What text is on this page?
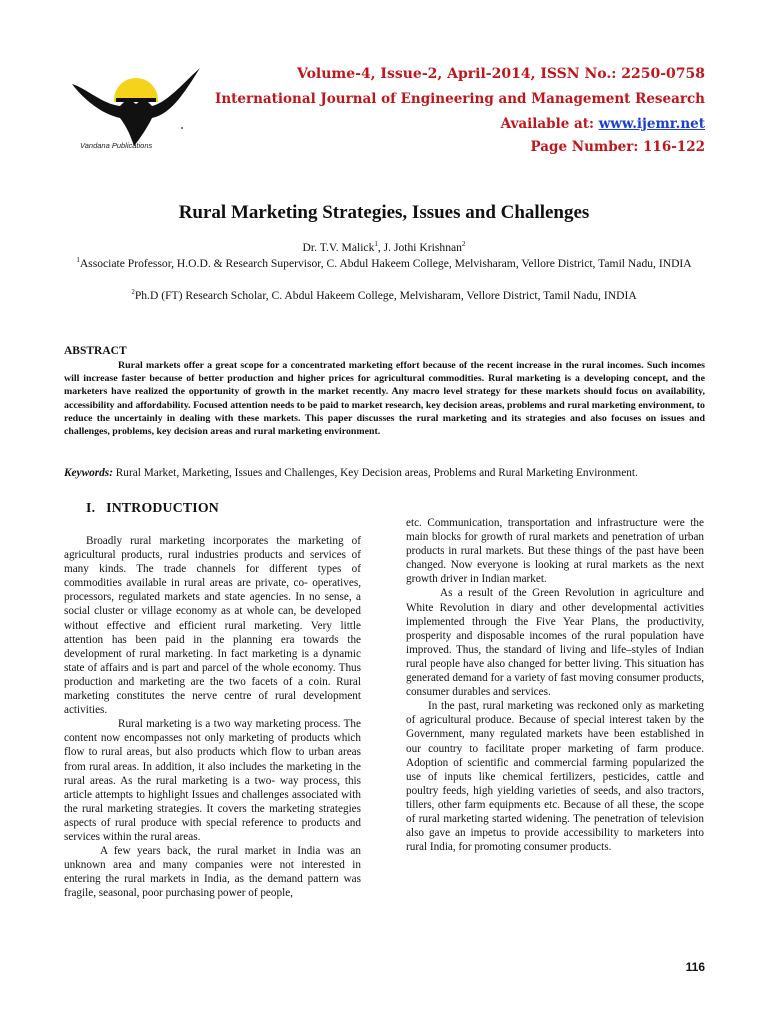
Vandana Publications
Volume-4, Issue-2, April-2014, ISSN No.: 2250-0758
International Journal of Engineering and Management Research
Available at: www.ijemr.net
Page Number: 116-122
Rural Marketing Strategies, Issues and Challenges
Dr. T.V. Malick$^1$, J. Jothi Krishnan$^2$
$^1$Associate Professor, H.O.D. & Research Supervisor, C. Abdul Hakeem College, Melvisharam, Vellore District, Tamil Nadu, INDIA
$^2$Ph.D (FT) Research Scholar, C. Abdul Hakeem College, Melvisharam, Vellore District, Tamil Nadu, INDIA
ABSTRACT
Rural markets offer a great scope for a concentrated marketing effort because of the recent increase in the rural incomes. Such incomes will increase faster because of better production and higher prices for agricultural commodities. Rural marketing is a developing concept, and the marketers have realized the opportunity of growth in the market recently. Any macro level strategy for these markets should focus on availability, accessibility and affordability. Focused attention needs to be paid to market research, key decision areas, problems and rural marketing environment, to reduce the uncertainly in dealing with these markets. This paper discusses the rural marketing and its strategies and also focuses on issues and challenges, problems, key decision areas and rural marketing environment.
Keywords: Rural Market, Marketing, Issues and Challenges, Key Decision areas, Problems and Rural Marketing Environment.
I.   INTRODUCTION

Broadly rural marketing incorporates the marketing of agricultural products, rural industries products and services of many kinds. The trade channels for different types of commodities available in rural areas are private, co- operatives, processors, regulated markets and state agencies. In no sense, a social cluster or village economy as at whole can, be developed without effective and efficient rural marketing. Very little attention has been paid in the planning era towards the development of rural marketing. In fact marketing is a dynamic state of affairs and is part and parcel of the whole economy. Thus production and marketing are the two facets of a coin. Rural marketing constitutes the nerve centre of rural development activities.

Rural marketing is a two way marketing process. The content now encompasses not only marketing of products which flow to rural areas, but also products which flow to urban areas from rural areas. In addition, it also includes the marketing in the rural areas. As the rural marketing is a two- way process, this article attempts to highlight Issues and challenges associated with the rural marketing strategies. It covers the marketing strategies aspects of rural produce with special reference to products and services within the rural areas.

A few years back, the rural market in India was an unknown area and many companies were not interested in entering the rural markets in India, as the demand pattern was fragile, seasonal, poor purchasing power of people,

etc. Communication, transportation and infrastructure were the main blocks for growth of rural markets and penetration of urban products in rural markets. But these things of the past have been changed. Now everyone is looking at rural markets as the next growth driver in Indian market.

As a result of the Green Revolution in agriculture and White Revolution in diary and other developmental activities implemented through the Five Year Plans, the productivity, prosperity and disposable incomes of the rural population have improved. Thus, the standard of living and life–styles of Indian rural people have also changed for better living. This situation has generated demand for a variety of fast moving consumer products, consumer durables and services.

In the past, rural marketing was reckoned only as marketing of agricultural produce. Because of special interest taken by the Government, many regulated markets have been established in our country to facilitate proper marketing of farm produce. Adoption of scientific and commercial farming popularized the use of inputs like chemical fertilizers, pesticides, cattle and poultry feeds, high yielding varieties of seeds, and also tractors, tillers, other farm equipments etc. Because of all these, the scope of rural marketing started widening. The penetration of television also gave an impetus to provide accessibility to marketers into rural India, for promoting consumer products.

116
